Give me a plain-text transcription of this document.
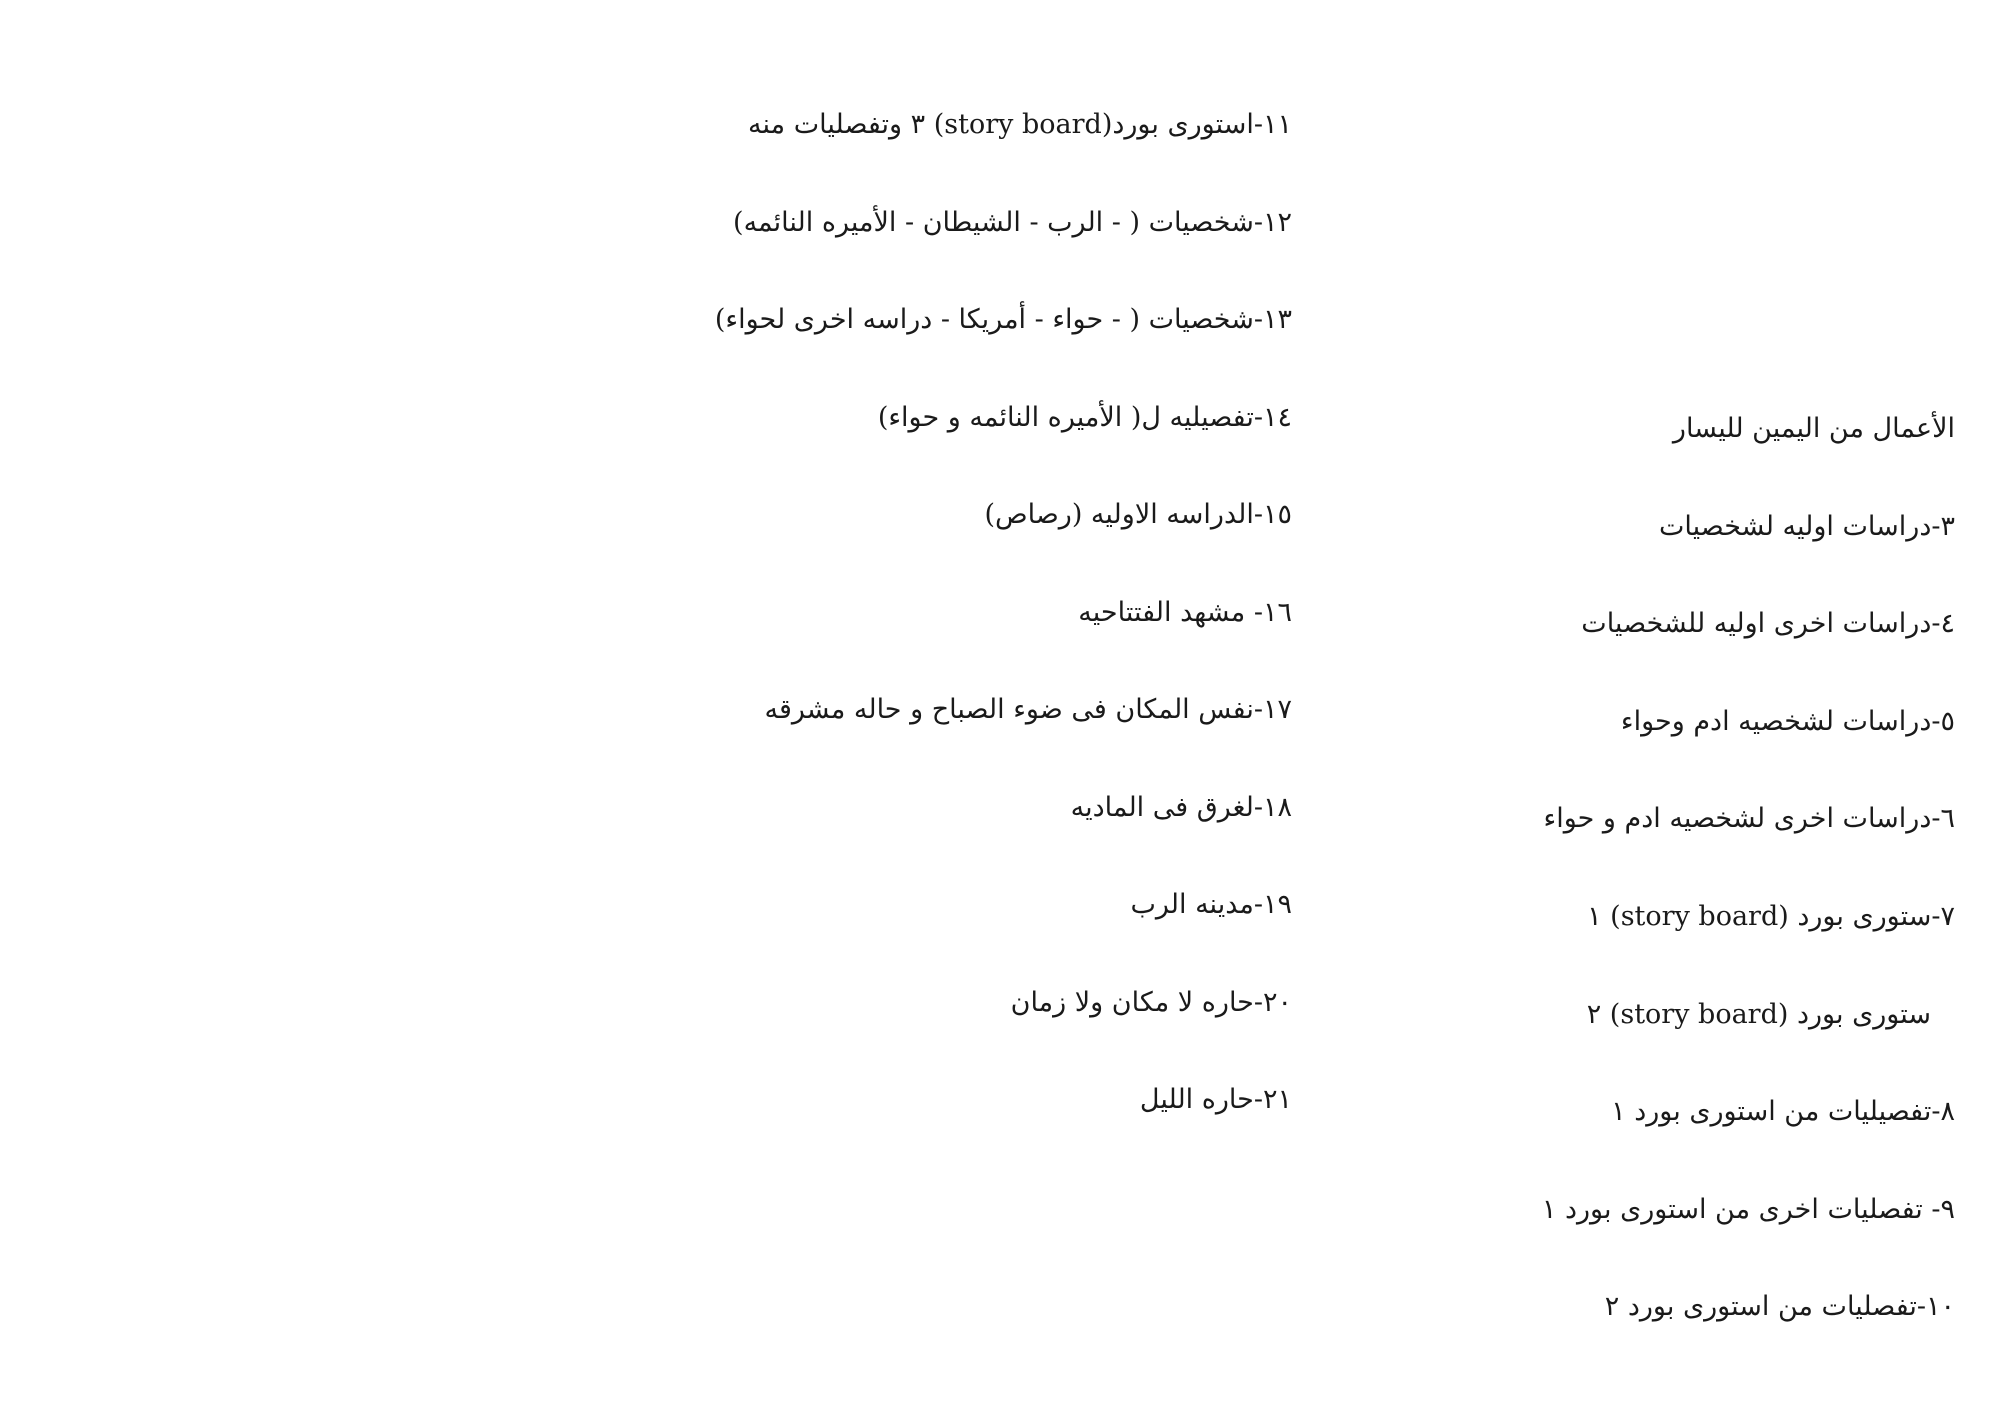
١١-استورى بورد(story board) ٣ وتفصليات منه
١٢-شخصيات ( - الرب - الشيطان - الأميره النائمه)
١٣-شخصيات ( - حواء - أمريكا - دراسه اخرى لحواء)
١٤-تفصيليه ل( الأميره النائمه و حواء)
١٥-الدراسه الاوليه (رصاص)
١٦- مشهد الفتتاحيه
١٧-نفس المكان فى ضوء الصباح و حاله مشرقه
١٨-لغرق فى الماديه
١٩-مدينه الرب
٢٠-حاره لا مكان ولا زمان
٢١-حاره الليل
الأعمال من اليمين لليسار
٣-دراسات اوليه لشخصيات
٤-دراسات اخرى اوليه للشخصيات
٥-دراسات لشخصيه ادم وحواء
٦-دراسات اخرى لشخصيه ادم و حواء
٧-ستورى بورد (story board) ١
ستورى بورد (story board) ٢
٨-تفصيليات من استورى بورد ١
٩- تفصليات اخرى من استورى بورد ١
١٠-تفصليات من استورى بورد ٢
